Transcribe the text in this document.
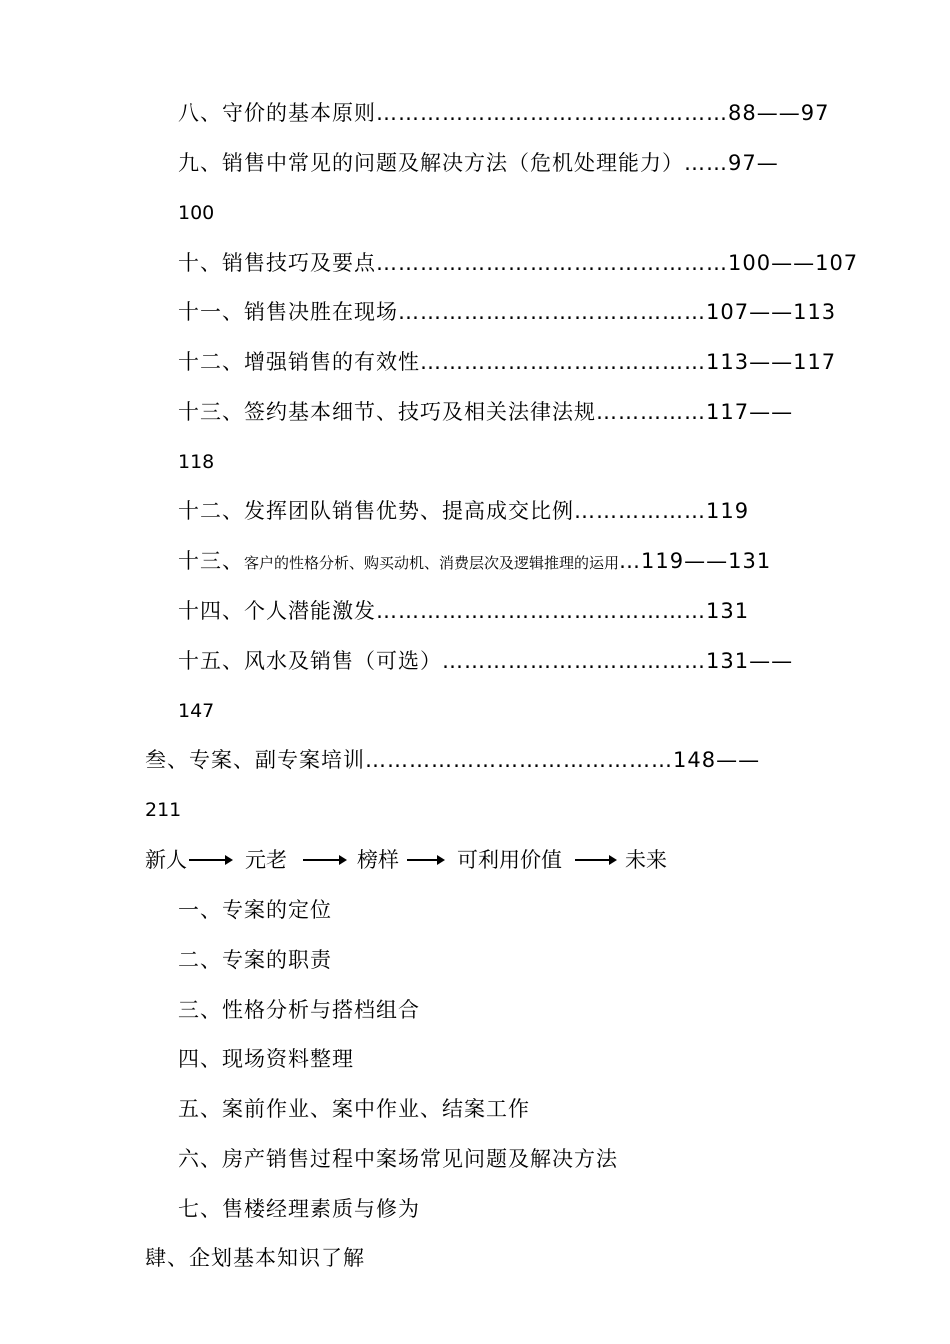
八、守价的基本原则…………………………………………88——97
九、销售中常见的问题及解决方法（危机处理能力）……97—
100
十、销售技巧及要点…………………………………………100——107
十一、销售决胜在现场……………………………………107——113
十二、增强销售的有效性…………………………………113——117
十三、签约基本细节、技巧及相关法律法规……………117——
118
十二、发挥团队销售优势、提高成交比例………………119
十三、客户的性格分析、购买动机、消费层次及逻辑推理的运用…119——131
十四、个人潜能激发………………………………………131
十五、风水及销售（可选）………………………………131——
147
叁、专案、副专案培训……………………………………148——
211
新人	元老	榜样	可利用价值	未来
一、专案的定位
二、专案的职责
三、性格分析与搭档组合
四、现场资料整理
五、案前作业、案中作业、结案工作
六、房产销售过程中案场常见问题及解决方法
七、售楼经理素质与修为
肆、企划基本知识了解
